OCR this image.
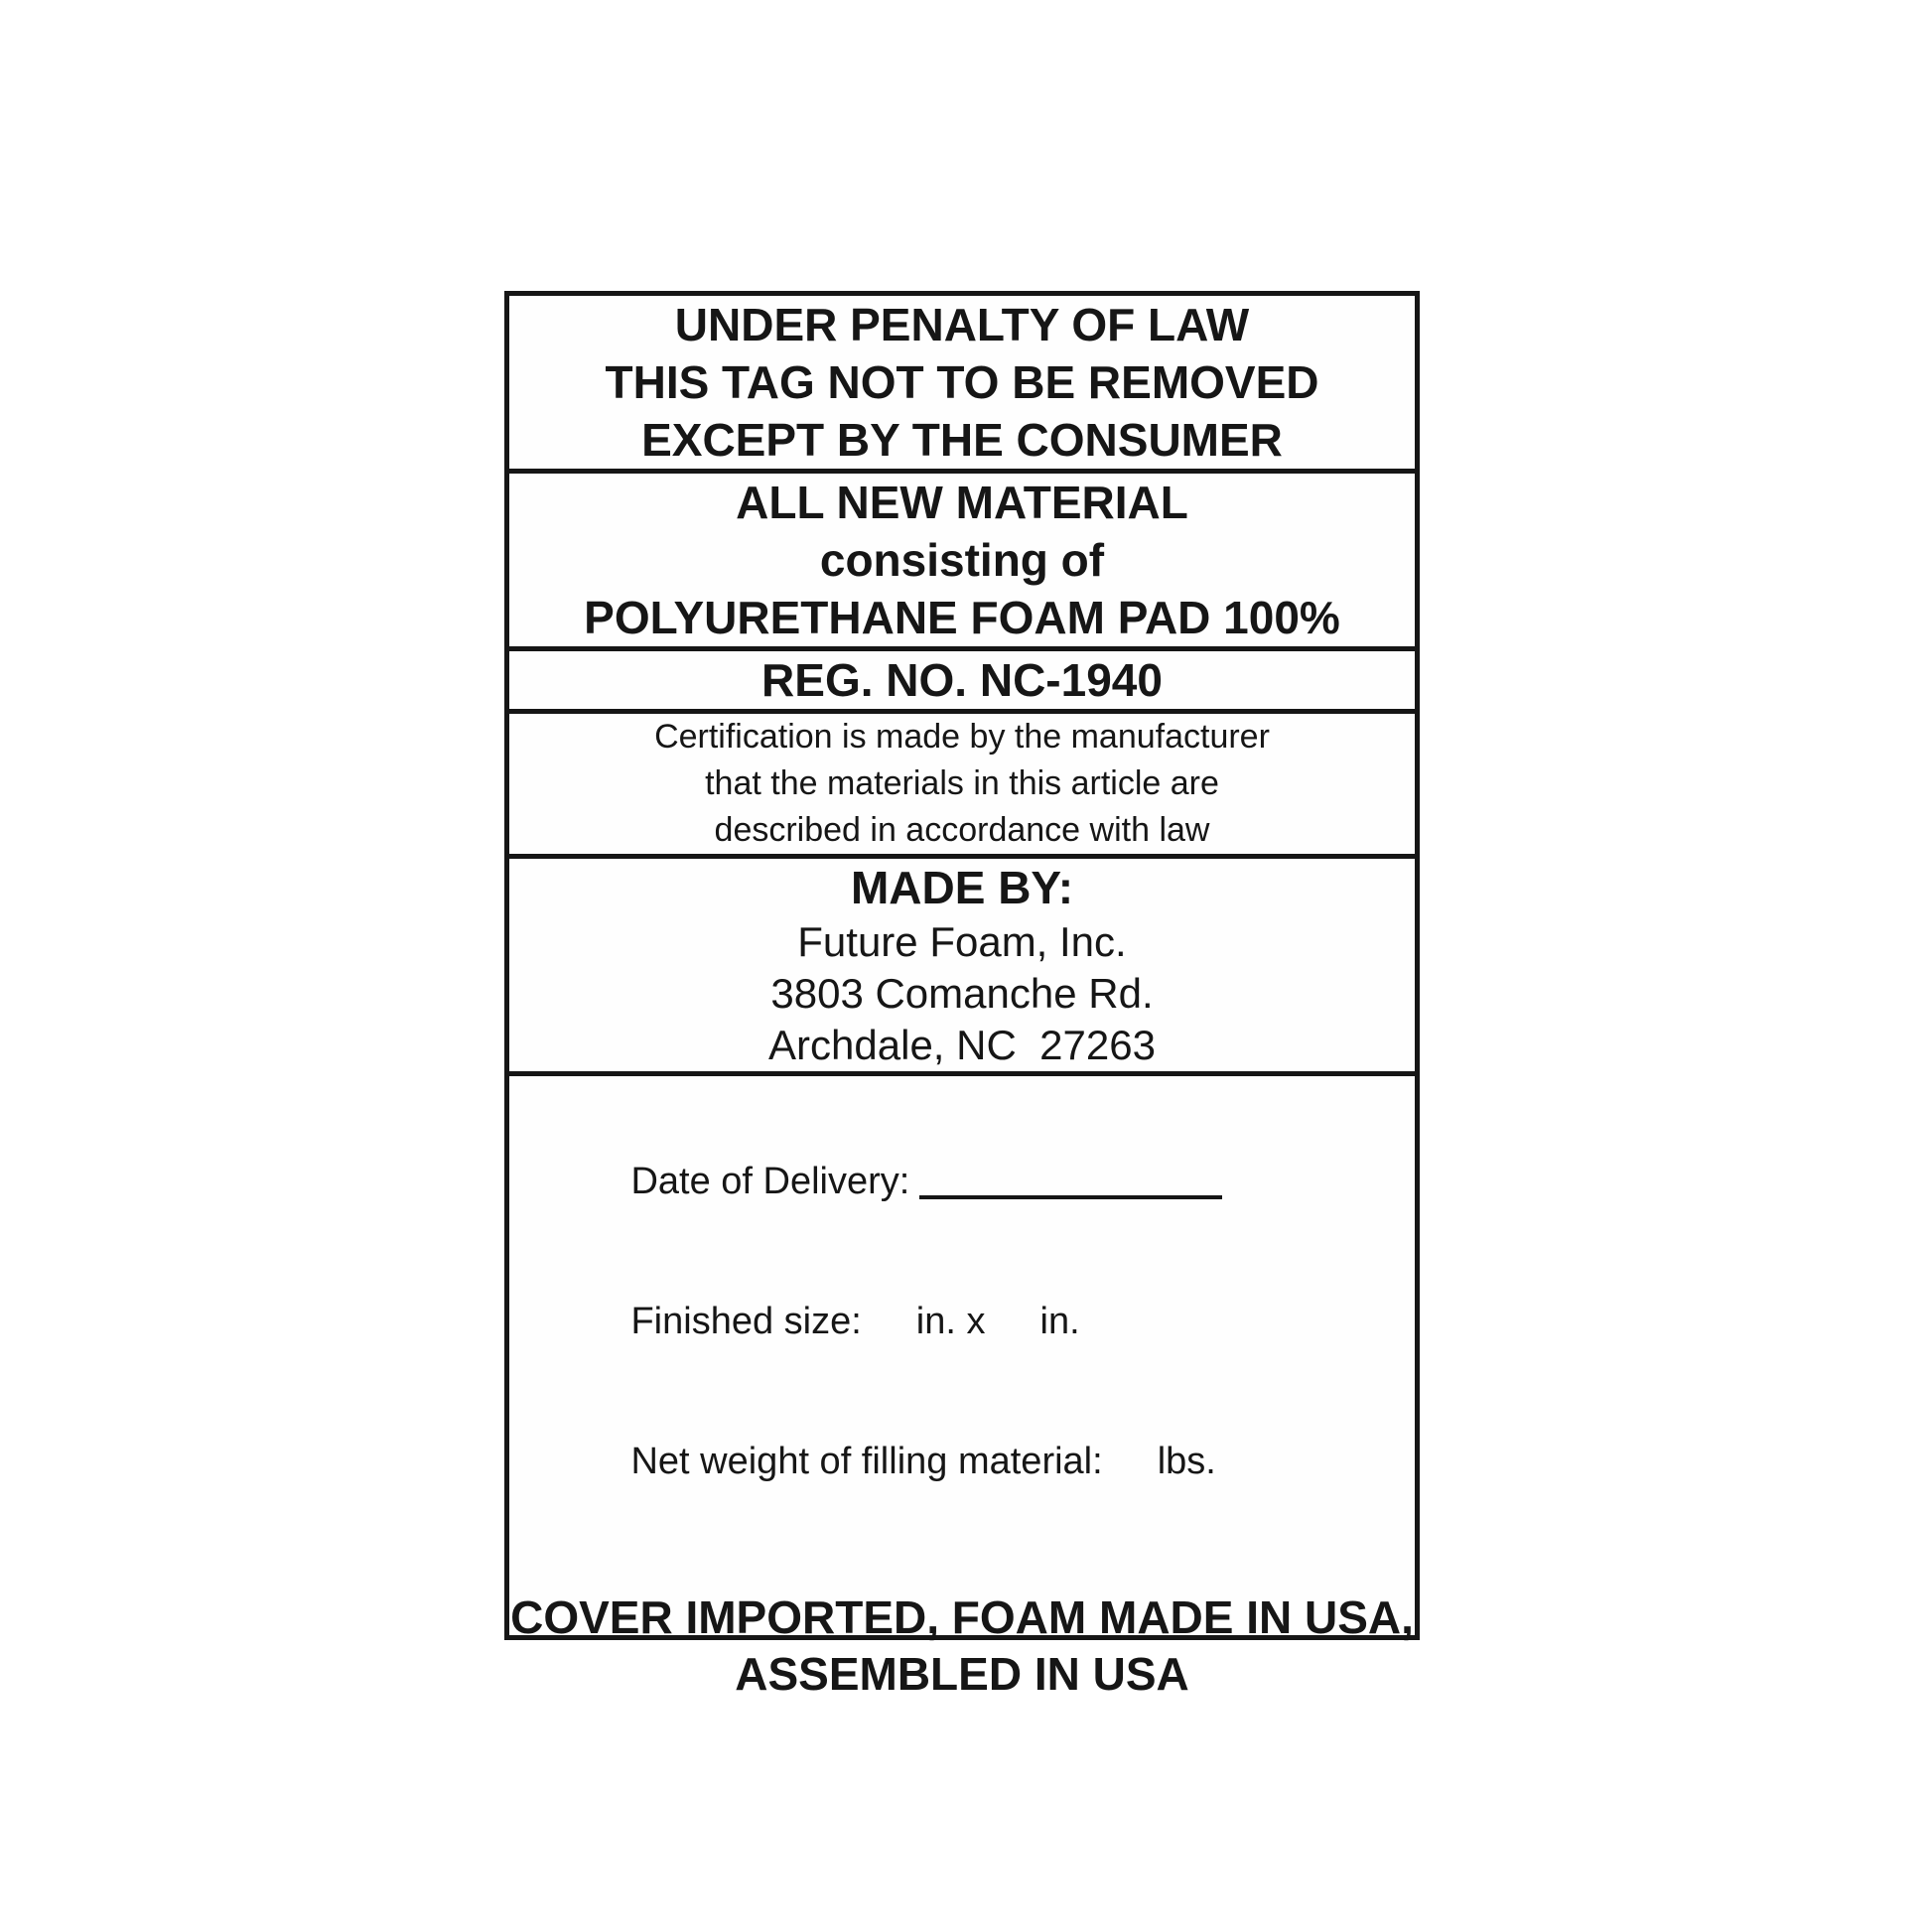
UNDER PENALTY OF LAW
THIS TAG NOT TO BE REMOVED
EXCEPT BY THE CONSUMER
ALL NEW MATERIAL
consisting of
POLYURETHANE FOAM PAD 100%
REG. NO. NC-1940
Certification is made by the manufacturer
that the materials in this article are
described in accordance with law
MADE BY:
Future Foam, Inc.
3803 Comanche Rd.
Archdale, NC  27263

Date of Delivery:

Finished size: in. x in.

Net weight of filling material: lbs.

COVER IMPORTED, FOAM MADE IN USA,
ASSEMBLED IN USA
